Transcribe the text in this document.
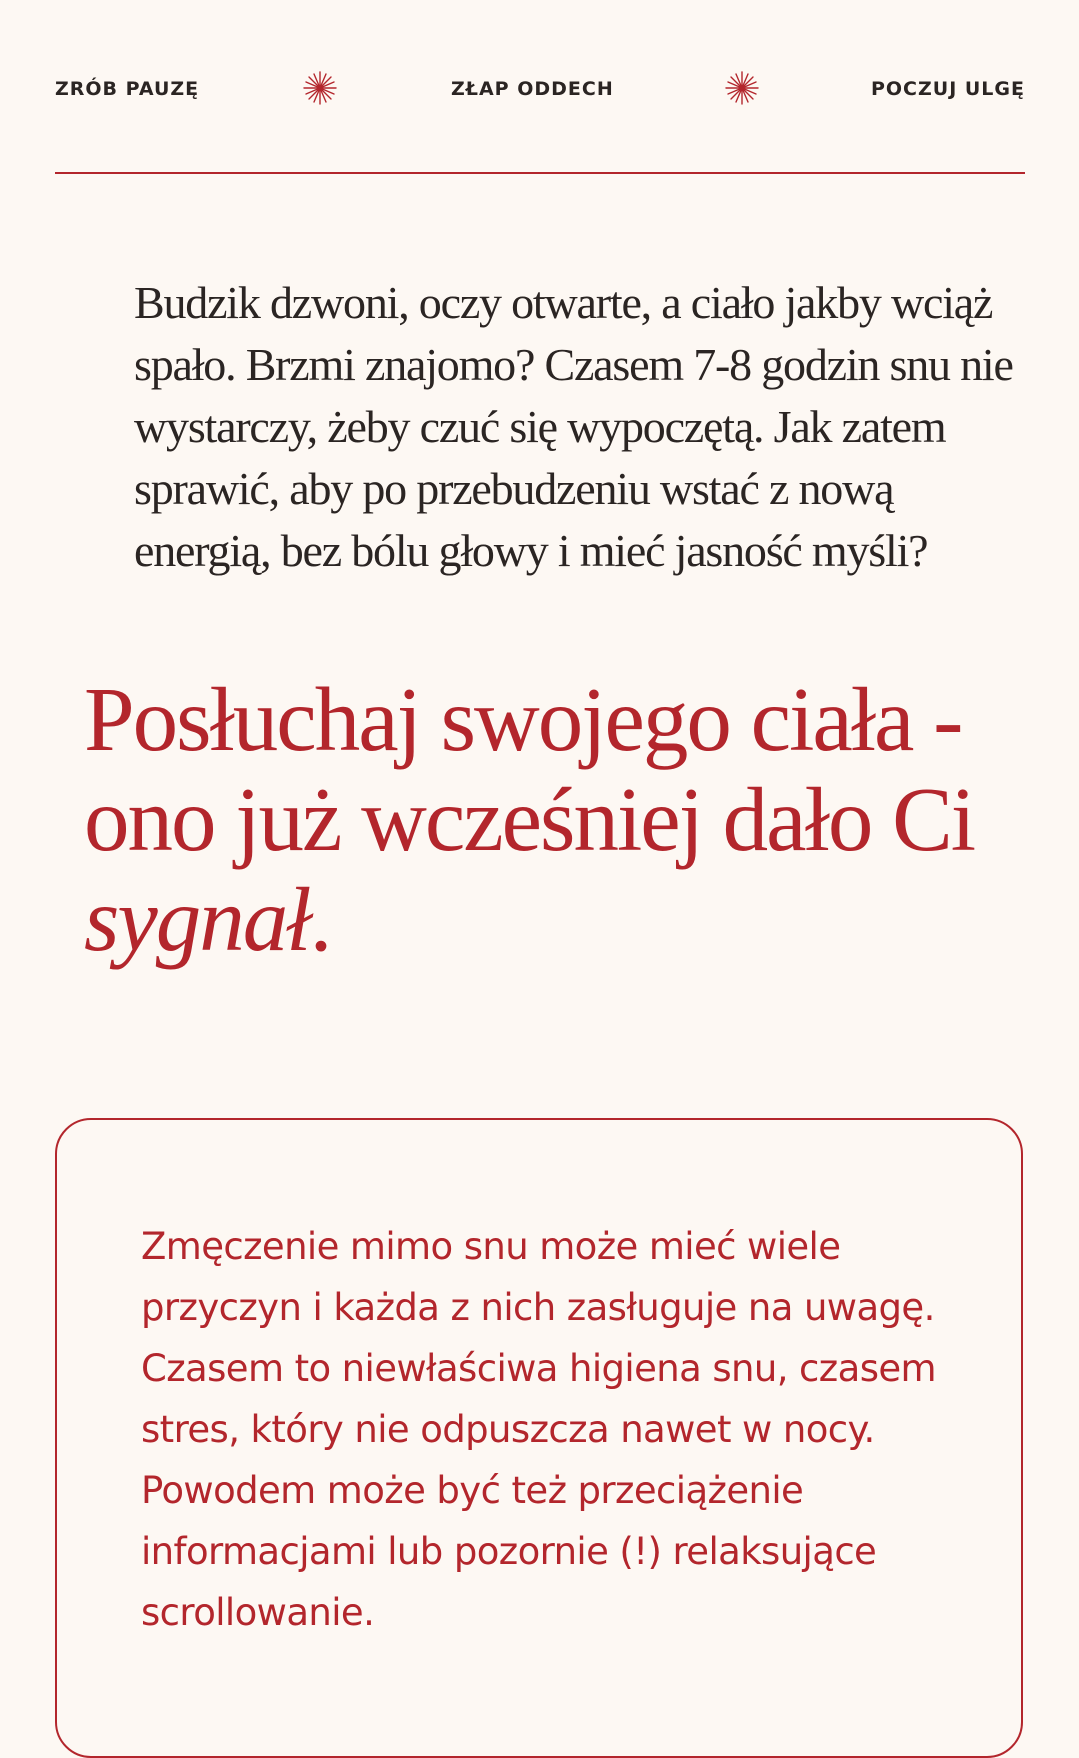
ZRÓB PAUZĘ	ZŁAP ODDECH	POCZUJ ULGĘ

Budzik dzwoni, oczy otwarte, a ciało jakby wciąż spało. Brzmi znajomo? Czasem 7-8 godzin snu nie wystarczy, żeby czuć się wypoczętą. Jak zatem sprawić, aby po przebudzeniu wstać z nową energią, bez bólu głowy i mieć jasność myśli?

Posłuchaj swojego ciała - ono już wcześniej dało Ci sygnał.

Zmęczenie mimo snu może mieć wiele przyczyn i każda z nich zasługuje na uwagę. Czasem to niewłaściwa higiena snu, czasem stres, który nie odpuszcza nawet w nocy. Powodem może być też przeciążenie informacjami lub pozornie (!) relaksujące scrollowanie.
